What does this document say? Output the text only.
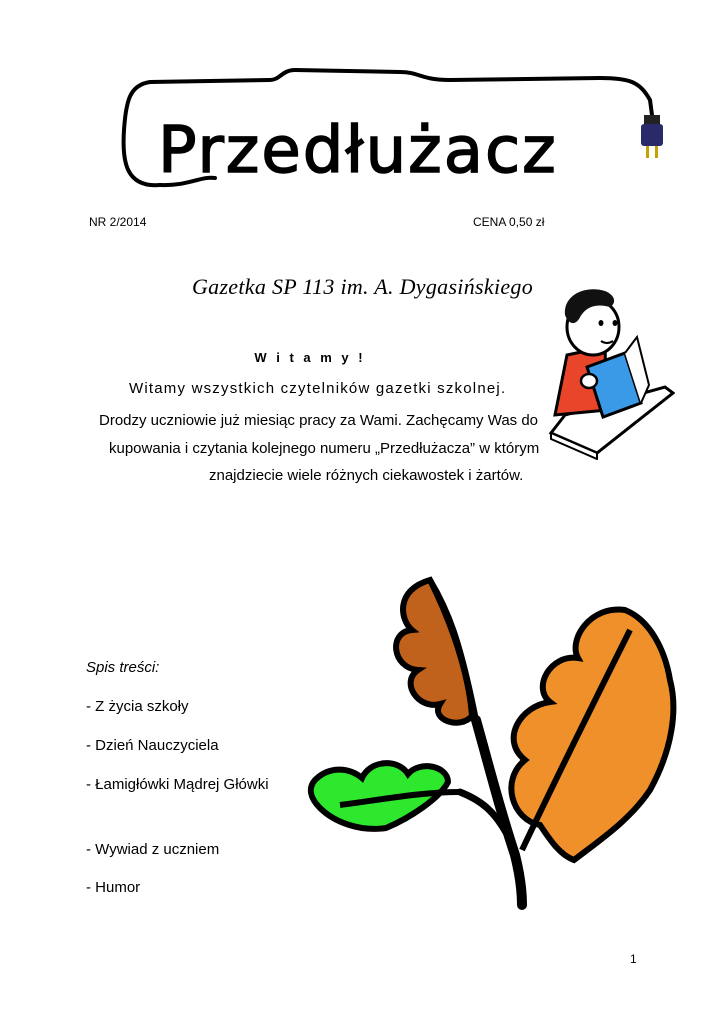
Przedłużacz
NR 2/2014	CENA 0,50 zł
Gazetka SP 113 im. A. Dygasińskiego
W i t a m y !
Witamy wszystkich czytelników gazetki szkolnej.
Drodzy uczniowie już miesiąc pracy za Wami. Zachęcamy Was do
kupowania i czytania kolejnego numeru „Przedłużacza” w którym
znajdziecie wiele różnych ciekawostek i żartów.
Spis treści:
- Z życia szkoły
- Dzień Nauczyciela
- Łamigłówki Mądrej Główki
- Wywiad z uczniem
- Humor
1
